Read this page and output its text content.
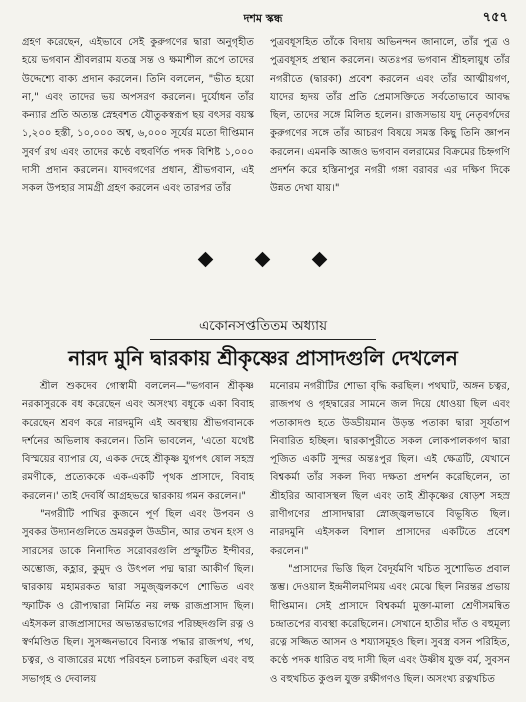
দশম স্কন্ধ	৭৫৭

গ্রহণ করেছেন, এইভাবে সেই কুরুগণের দ্বারা অনুগৃহীত হয়ে ভগবান শ্রীবলরাম যতন্ত্র সন্ত ও ক্ষমাশীল রূপে তাদের উদ্দেশ্যে বাক্য প্রদান করলেন। তিনি বললেন, "ভীত হয়ো না," এবং তাদের ভয় অপসরণ করলেন। দুর্যোধন তাঁর কন্যার প্রতি অত্যন্ত স্নেহবশত যৌতুকস্বরূপ ছয় বৎসর বয়স্ক ১,২০০ হস্তী, ১০,০০০ অশ্ব, ৬,০০০ সূর্যের মতো দীপ্তিমান সুবর্ণ রথ এবং তাদের কণ্ঠে বহুবর্ণিত পদক বিশিষ্ট ১,০০০ দাসী প্রদান করলেন। যাদবগণের প্রধান, শ্রীভগবান, এই সকল উপহার সামগ্রী গ্রহণ করলেন এবং তারপর তাঁর

পুত্রবধূসহিত তাঁকে বিদায় অভিনন্দন জানালে, তাঁর পুত্র ও পুত্রবধূসহ প্রস্থান করলেন। অতঃপর ভগবান শ্রীহলায়ুধ তাঁর নগরীতে (দ্বারকা) প্রবেশ করলেন এবং তাঁর আত্মীয়গণ, যাদের হৃদয় তাঁর প্রতি প্রেমাসক্তিতে সর্বতোভাবে আবদ্ধ ছিল, তাদের সঙ্গে মিলিত হলেন। রাজসভায় যদু নেতৃবর্গদের কুরুগণের সঙ্গে তাঁর আচরণ বিষয়ে সমস্ত কিছু তিনি জ্ঞাপন করলেন। এমনকি আজও ভগবান বলরামের বিক্রমের চিহ্নগণি প্রদর্শন করে হস্তিনাপুর নগরী গঙ্গা বরাবর এর দক্ষিণ দিকে উন্নত দেখা যায়।"

একোনসপ্ততিতম অধ্যায়
নারদ মুনি দ্বারকায় শ্রীকৃষ্ণের প্রাসাদগুলি দেখলেন

শ্রীল শুকদেব গোস্বামী বললেন—"ভগবান শ্রীকৃষ্ণ নরকাসুরকে বধ করেছেন এবং অসংখ্য বধূকে একা বিবাহ করেছেন শ্রবণ করে নারদমুনি এই অবস্থায় শ্রীভগবানকে দর্শনের অভিলাষ করলেন। তিনি ভাবলেন, 'এতো যথেষ্ট বিস্ময়ের ব্যাপার যে, একক দেহে শ্রীকৃষ্ণ যুগপৎ ষোল সহস্র রমণীকে, প্রত্যেককে এক-একটি পৃথক প্রাসাদে, বিবাহ করলেন।' তাই দেবর্ষি আগ্রহভরে দ্বারকায় গমন করলেন।"

"নগরীটি পাখির কুজনে পূর্ণ ছিল এবং উপবন ও সুবকর উদ্যানগুলিতে ভ্রমরকুল উড্ডীন, আর তখন হংস ও সারসের ডাকে নিনাদিত সরোবরগুলি প্রস্ফুটিত ইন্দীবর, অম্ভোজ, কহ্লার, কুমুদ ও উৎপল পদ্ম দ্বারা আকীর্ণ ছিল। দ্বারকায় মহামরকত দ্বারা সমুজ্জ্বলকণে শোভিত এবং স্ফাটিক ও রৌপ্যদ্বারা নির্মিত নয় লক্ষ রাজপ্রাসাদ ছিল। এইসকল রাজপ্রাসাদের অভ্যন্তরভাগের পরিচ্ছদগুলি রত্ন ও স্বর্ণমণ্ডিত ছিল। সুসজ্জনভাবে বিন্যস্ত পদ্ধার রাজপথ, পথ, চত্বর, ও বাজারের মধ্যে পরিবহন চলাচল করছিল এবং বহু সভাগৃহ ও দেবালয়

মনোরম নগরীটির শোভা বৃদ্ধি করছিল। পথঘাট, অঙ্গন চত্বর, রাজপথ ও গৃহদ্বারের সামনে জল দিয়ে ধোওয়া ছিল এবং পতাকাদণ্ড হতে উড্ডীয়মান উড়ন্ত পতাকা দ্বারা সূর্যতাপ নিবারিত হচ্ছিল। দ্বারকাপুরীতে সকল লোকপালকগণ দ্বারা পূজিত একটি সুন্দর অন্তঃপুর ছিল। এই ক্ষেত্রটি, যেখানে বিশ্বকর্মা তাঁর সকল দিব্য দক্ষতা প্রদর্শন করেছিলেন, তা শ্রীহরির আবাসস্থল ছিল এবং তাই শ্রীকৃষ্ণের ষোড়শ সহস্র রাণীগণের প্রাসাদদ্বারা স্নোজ্জ্বলভাবে বিভূষিত ছিল। নারদমুনি এইসকল বিশাল প্রাসাদের একটিতে প্রবেশ করলেন।"

"প্রাসাদের ভিত্তি ছিল বৈদূর্যমণি খচিত সুশোভিত প্রবাল স্তম্ভ। দেওয়াল ইন্দ্রনীলমণিময় এবং মেঝে ছিল নিরন্তর প্রভায় দীপ্তিমান। সেই প্রাসাদে বিশ্বকর্মা মুক্তা-মালা শ্রেণীসমন্বিত চন্দ্রাতপের ব্যবস্থা করেছিলেন। সেখানে হাতীর দাঁত ও বহুমূল্য রত্নে সজ্জিত আসন ও শয্যাসমূহও ছিল। সুবস্ত্র বসন পরিহিত, কণ্ঠে পদক ধারিত বহু দাসী ছিল এবং উষ্ণীষ যুক্ত বর্ম, সুবসন ও বহুখচিত কুণ্ডল যুক্ত রক্ষীগণও ছিল। অসংখ্য রত্নখচিত
